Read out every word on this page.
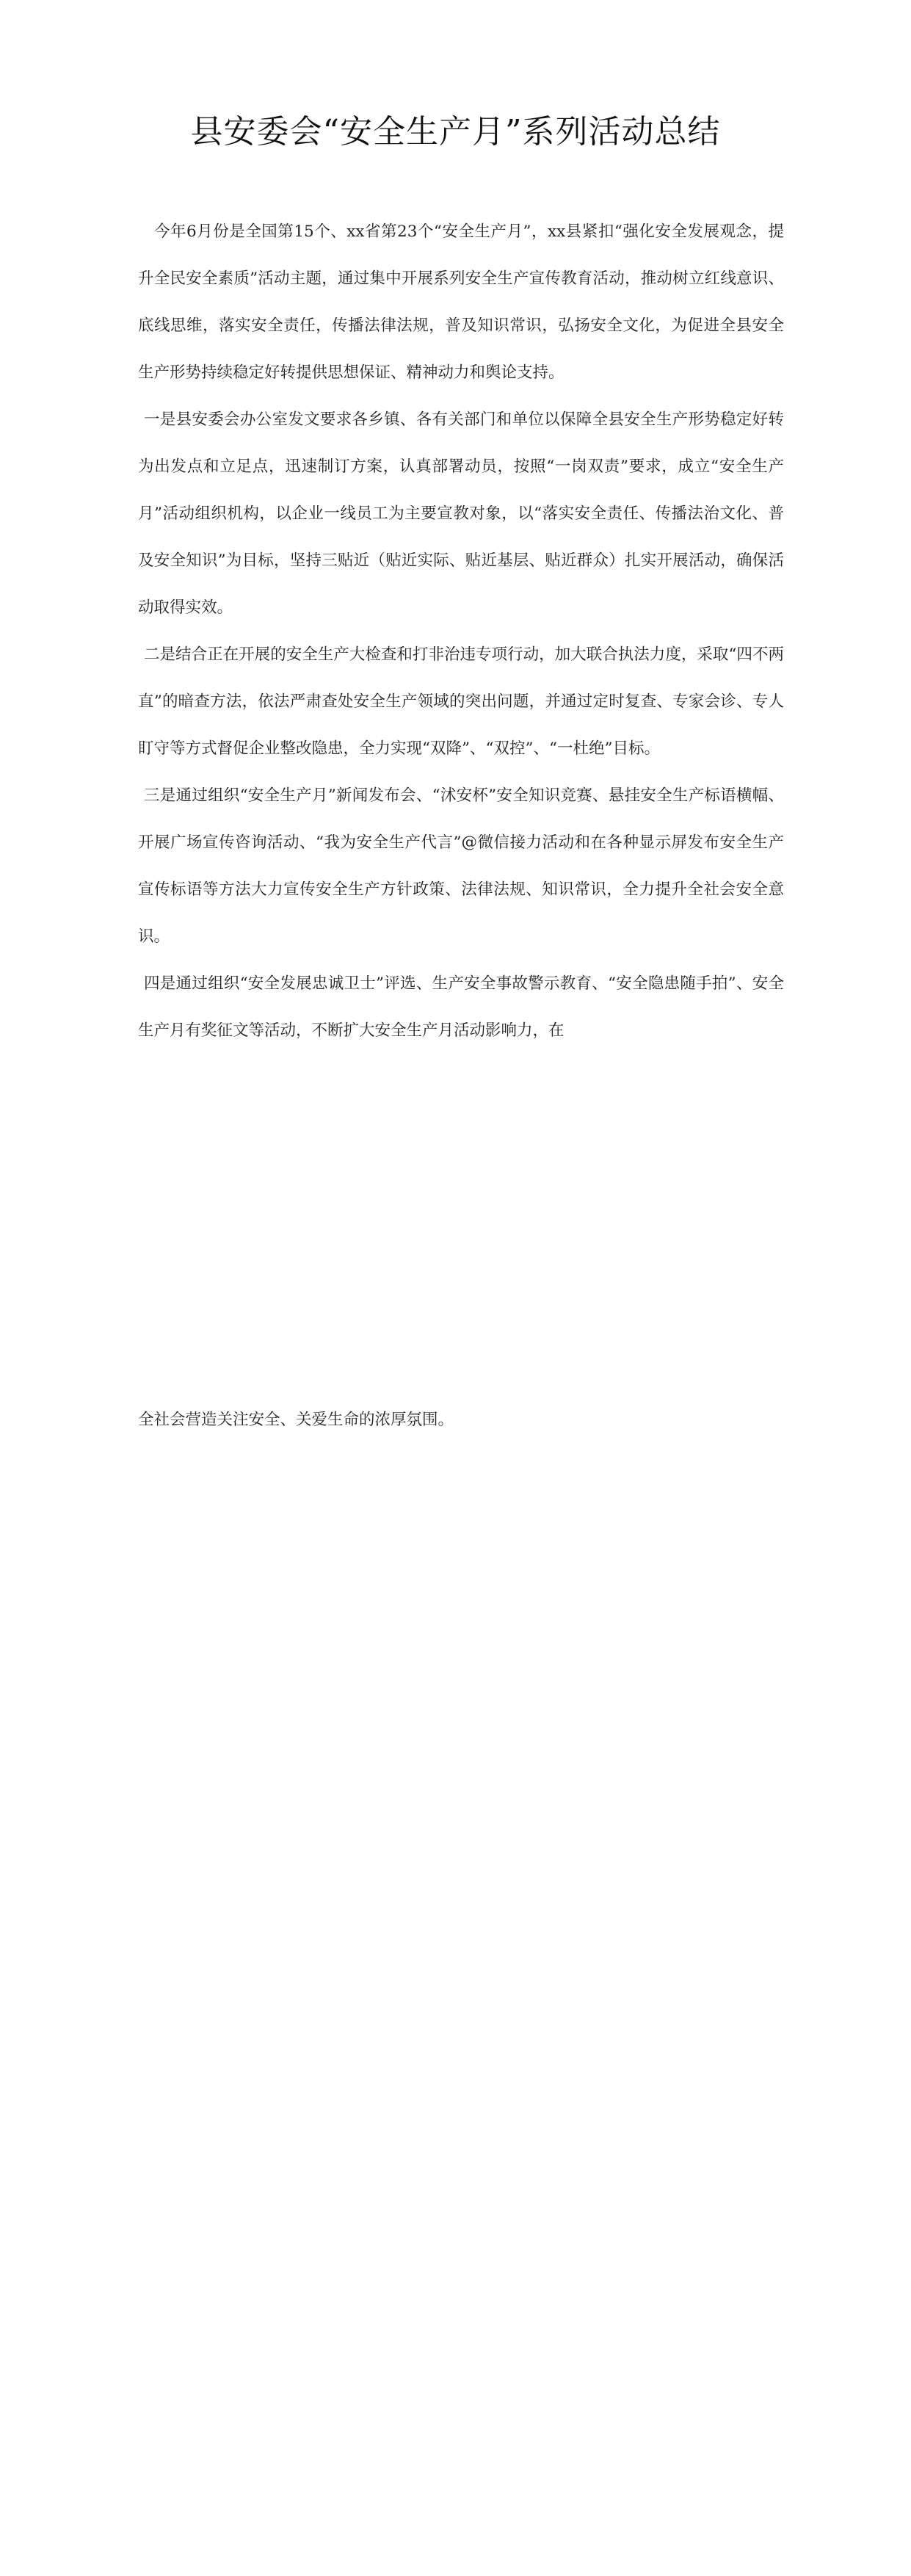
县安委会“安全生产月”系列活动总结

今年6月份是全国第15个、xx省第23个“安全生产月”，xx县紧扣“强化安全发展观念，提升全民安全素质”活动主题，通过集中开展系列安全生产宣传教育活动，推动树立红线意识、底线思维，落实安全责任，传播法律法规，普及知识常识，弘扬安全文化，为促进全县安全生产形势持续稳定好转提供思想保证、精神动力和舆论支持。

一是县安委会办公室发文要求各乡镇、各有关部门和单位以保障全县安全生产形势稳定好转为出发点和立足点，迅速制订方案，认真部署动员，按照“一岗双责”要求，成立“安全生产月”活动组织机构，以企业一线员工为主要宣教对象，以“落实安全责任、传播法治文化、普及安全知识”为目标，坚持三贴近（贴近实际、贴近基层、贴近群众）扎实开展活动，确保活动取得实效。

二是结合正在开展的安全生产大检查和打非治违专项行动，加大联合执法力度，采取“四不两直”的暗查方法，依法严肃查处安全生产领域的突出问题，并通过定时复查、专家会诊、专人盯守等方式督促企业整改隐患，全力实现“双降”、“双控”、“一杜绝”目标。

三是通过组织“安全生产月”新闻发布会、“沭安杯”安全知识竞赛、悬挂安全生产标语横幅、开展广场宣传咨询活动、“我为安全生产代言”@微信接力活动和在各种显示屏发布安全生产宣传标语等方法大力宣传安全生产方针政策、法律法规、知识常识，全力提升全社会安全意识。

四是通过组织“安全发展忠诚卫士”评选、生产安全事故警示教育、“安全隐患随手拍”、安全生产月有奖征文等活动，不断扩大安全生产月活动影响力，在

全社会营造关注安全、关爱生命的浓厚氛围。
